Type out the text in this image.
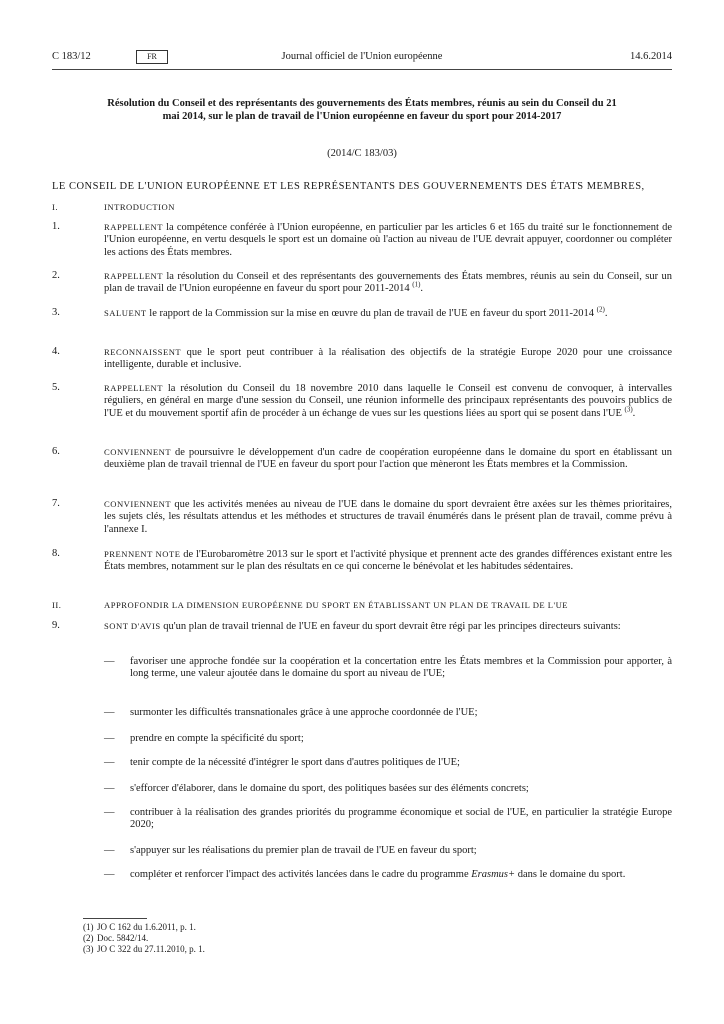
C 183/12	FR	Journal officiel de l'Union européenne	14.6.2014
Résolution du Conseil et des représentants des gouvernements des États membres, réunis au sein du Conseil du 21 mai 2014, sur le plan de travail de l'Union européenne en faveur du sport pour 2014-2017
(2014/C 183/03)
LE CONSEIL DE L'UNION EUROPÉENNE ET LES REPRÉSENTANTS DES GOUVERNEMENTS DES ÉTATS MEMBRES,
I.	INTRODUCTION
1.	RAPPELLENT la compétence conférée à l'Union européenne, en particulier par les articles 6 et 165 du traité sur le fonctionnement de l'Union européenne, en vertu desquels le sport est un domaine où l'action au niveau de l'UE devrait appuyer, coordonner ou compléter les actions des États membres.
2.	RAPPELLENT la résolution du Conseil et des représentants des gouvernements des États membres, réunis au sein du Conseil, sur un plan de travail de l'Union européenne en faveur du sport pour 2011-2014 $^{(1)}$.
3.	SALUENT le rapport de la Commission sur la mise en œuvre du plan de travail de l'UE en faveur du sport 2011-2014 $^{(2)}$.
4.	RECONNAISSENT que le sport peut contribuer à la réalisation des objectifs de la stratégie Europe 2020 pour une croissance intelligente, durable et inclusive.
5.	RAPPELLENT la résolution du Conseil du 18 novembre 2010 dans laquelle le Conseil est convenu de convoquer, à intervalles réguliers, en général en marge d'une session du Conseil, une réunion informelle des principaux représentants des pouvoirs publics de l'UE et du mouvement sportif afin de procéder à un échange de vues sur les questions liées au sport qui se posent dans l'UE $^{(3)}$.
6.	CONVIENNENT de poursuivre le développement d'un cadre de coopération européenne dans le domaine du sport en établissant un deuxième plan de travail triennal de l'UE en faveur du sport pour l'action que mèneront les États membres et la Commission.
7.	CONVIENNENT que les activités menées au niveau de l'UE dans le domaine du sport devraient être axées sur les thèmes prioritaires, les sujets clés, les résultats attendus et les méthodes et structures de travail énumérés dans le présent plan de travail, comme prévu à l'annexe I.
8.	PRENNENT NOTE de l'Eurobaromètre 2013 sur le sport et l'activité physique et prennent acte des grandes différences existant entre les États membres, notamment sur le plan des résultats en ce qui concerne le bénévolat et les habitudes sédentaires.
II.	APPROFONDIR LA DIMENSION EUROPÉENNE DU SPORT EN ÉTABLISSANT UN PLAN DE TRAVAIL DE L'UE
9.	SONT D'AVIS qu'un plan de travail triennal de l'UE en faveur du sport devrait être régi par les principes directeurs suivants:
— favoriser une approche fondée sur la coopération et la concertation entre les États membres et la Commission pour apporter, à long terme, une valeur ajoutée dans le domaine du sport au niveau de l'UE;
— surmonter les difficultés transnationales grâce à une approche coordonnée de l'UE;
— prendre en compte la spécificité du sport;
— tenir compte de la nécessité d'intégrer le sport dans d'autres politiques de l'UE;
— s'efforcer d'élaborer, dans le domaine du sport, des politiques basées sur des éléments concrets;
— contribuer à la réalisation des grandes priorités du programme économique et social de l'UE, en particulier la stratégie Europe 2020;
— s'appuyer sur les réalisations du premier plan de travail de l'UE en faveur du sport;
— compléter et renforcer l'impact des activités lancées dans le cadre du programme Erasmus+ dans le domaine du sport.
(1) JO C 162 du 1.6.2011, p. 1.
(2) Doc. 5842/14.
(3) JO C 322 du 27.11.2010, p. 1.
